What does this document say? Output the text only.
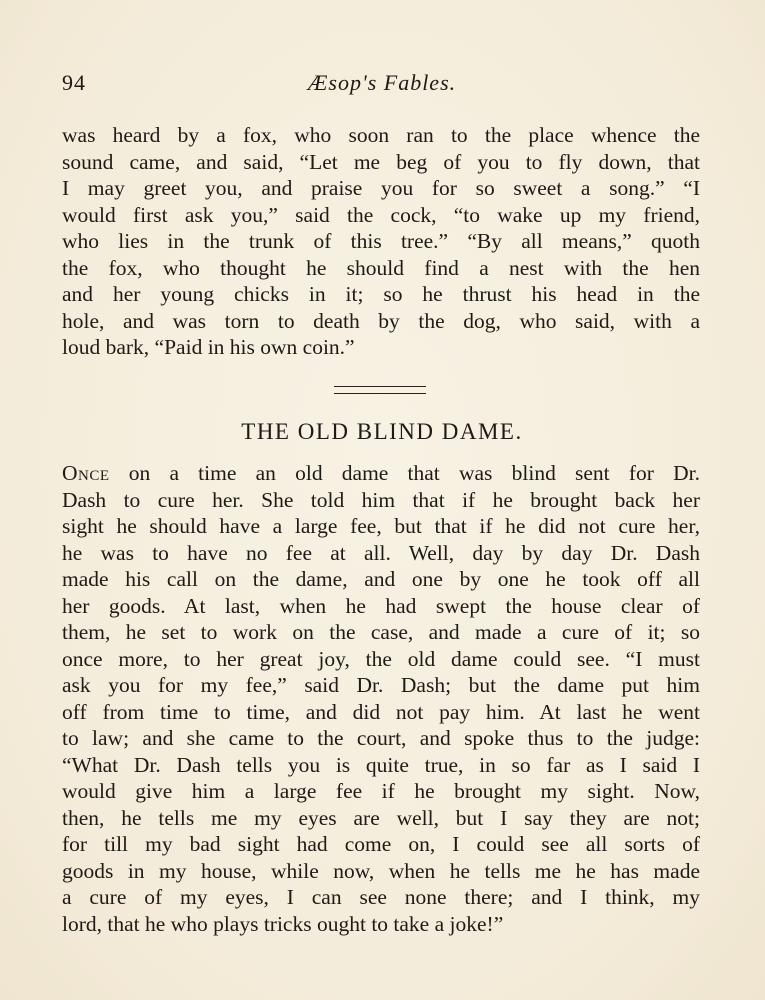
94	Æsop's Fables.
was heard by a fox, who soon ran to the place whence the
sound came, and said, “Let me beg of you to fly down, that
I may greet you, and praise you for so sweet a song.” “I
would first ask you,” said the cock, “to wake up my friend,
who lies in the trunk of this tree.” “By all means,” quoth
the fox, who thought he should find a nest with the hen
and her young chicks in it; so he thrust his head in the
hole, and was torn to death by the dog, who said, with a
loud bark, “Paid in his own coin.”
THE OLD BLIND DAME.
Once on a time an old dame that was blind sent for Dr.
Dash to cure her. She told him that if he brought back her
sight he should have a large fee, but that if he did not cure her,
he was to have no fee at all. Well, day by day Dr. Dash
made his call on the dame, and one by one he took off all
her goods. At last, when he had swept the house clear of
them, he set to work on the case, and made a cure of it; so
once more, to her great joy, the old dame could see. “I must
ask you for my fee,” said Dr. Dash; but the dame put him
off from time to time, and did not pay him. At last he went
to law; and she came to the court, and spoke thus to the judge:
“What Dr. Dash tells you is quite true, in so far as I said I
would give him a large fee if he brought my sight. Now,
then, he tells me my eyes are well, but I say they are not;
for till my bad sight had come on, I could see all sorts of
goods in my house, while now, when he tells me he has made
a cure of my eyes, I can see none there; and I think, my
lord, that he who plays tricks ought to take a joke!”
